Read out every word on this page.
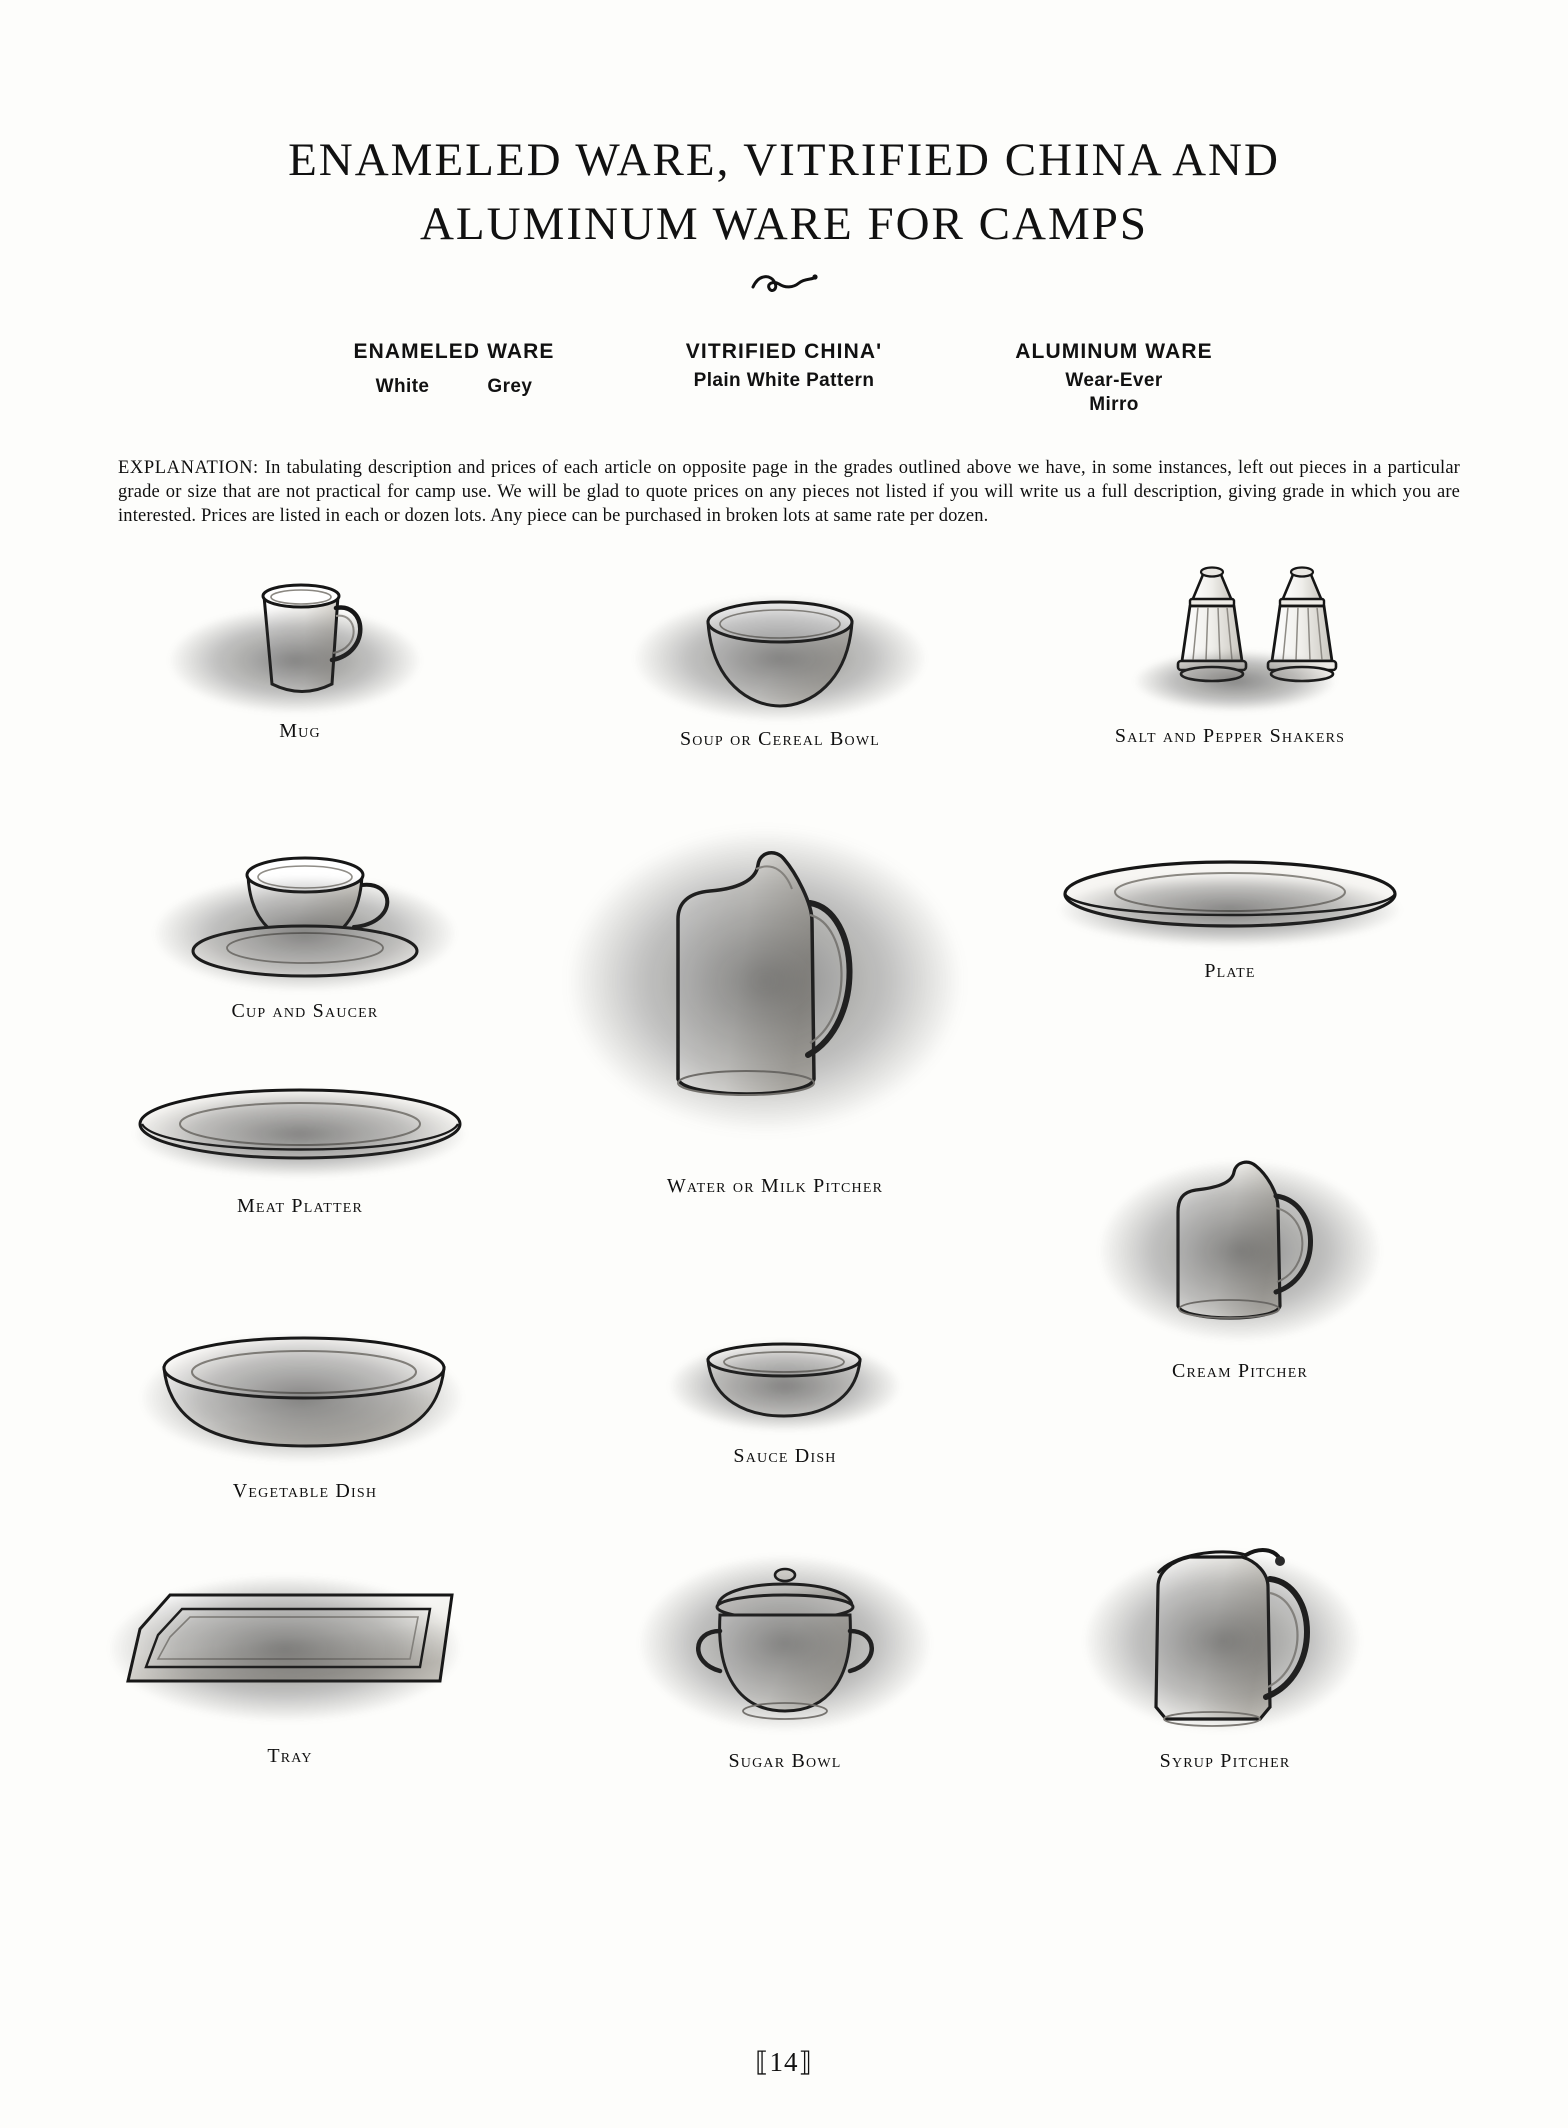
ENAMELED WARE, VITRIFIED CHINA AND
ALUMINUM WARE FOR CAMPS
ENAMELED WARE
White	Grey
VITRIFIED CHINA'
Plain White Pattern
ALUMINUM WARE
Wear-Ever
Mirro

EXPLANATION: In tabulating description and prices of each article on opposite page in the grades outlined above we have, in some instances, left out pieces in a particular grade or size that are not practical for camp use. We will be glad to quote prices on any pieces not listed if you will write us a full description, giving grade in which you are interested. Prices are listed in each or dozen lots. Any piece can be purchased in broken lots at same rate per dozen.

Mug	Soup or Cereal Bowl	Salt and Pepper Shakers
Cup and Saucer
Water or Milk Pitcher
Plate
Meat Platter
Cream Pitcher
Vegetable Dish
Sauce Dish
Tray	Sugar Bowl	Syrup Pitcher
⟦14⟧
